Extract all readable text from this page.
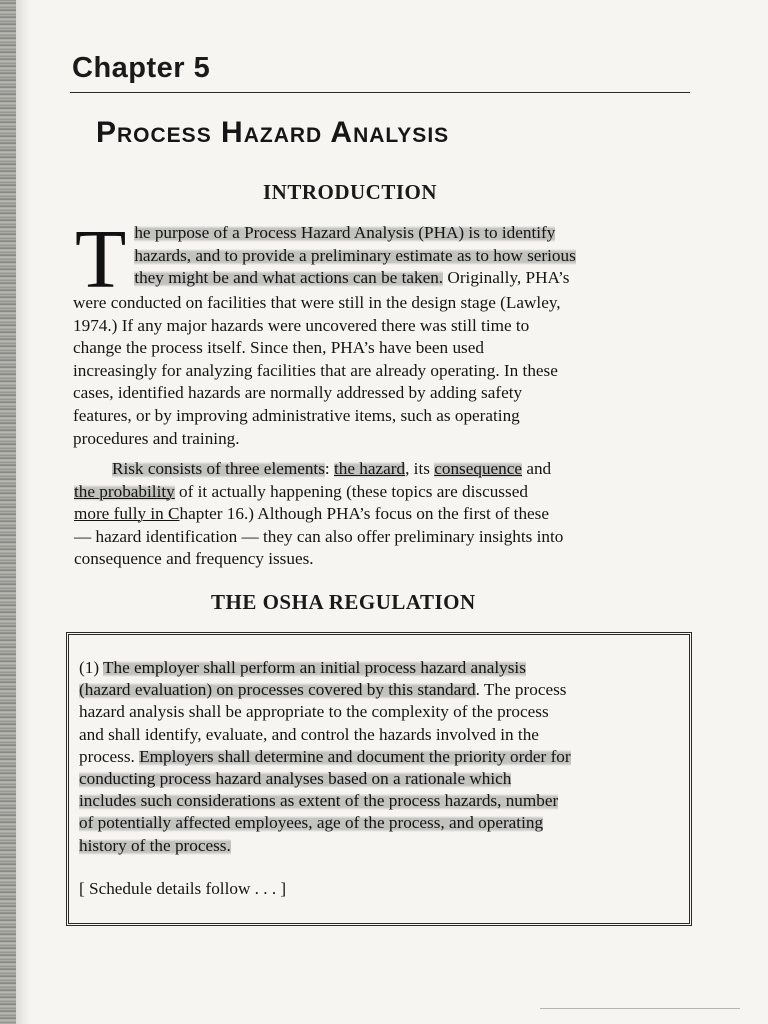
Chapter 5
Process Hazard Analysis
INTRODUCTION
T he purpose of a Process Hazard Analysis (PHA) is to identify
hazards, and to provide a preliminary estimate as to how serious
they might be and what actions can be taken. Originally, PHA’s
were conducted on facilities that were still in the design stage (Lawley,
1974.) If any major hazards were uncovered there was still time to
change the process itself. Since then, PHA’s have been used
increasingly for analyzing facilities that are already operating. In these
cases, identified hazards are normally addressed by adding safety
features, or by improving administrative items, such as operating
procedures and training.
Risk consists of three elements: the hazard, its consequence and
the probability of it actually happening (these topics are discussed
more fully in Chapter 16.) Although PHA’s focus on the first of these
— hazard identification — they can also offer preliminary insights into
consequence and frequency issues.
THE OSHA REGULATION
(1) The employer shall perform an initial process hazard analysis
(hazard evaluation) on processes covered by this standard. The process
hazard analysis shall be appropriate to the complexity of the process
and shall identify, evaluate, and control the hazards involved in the
process. Employers shall determine and document the priority order for
conducting process hazard analyses based on a rationale which
includes such considerations as extent of the process hazards, number
of potentially affected employees, age of the process, and operating
history of the process.
[ Schedule details follow . . . ]
